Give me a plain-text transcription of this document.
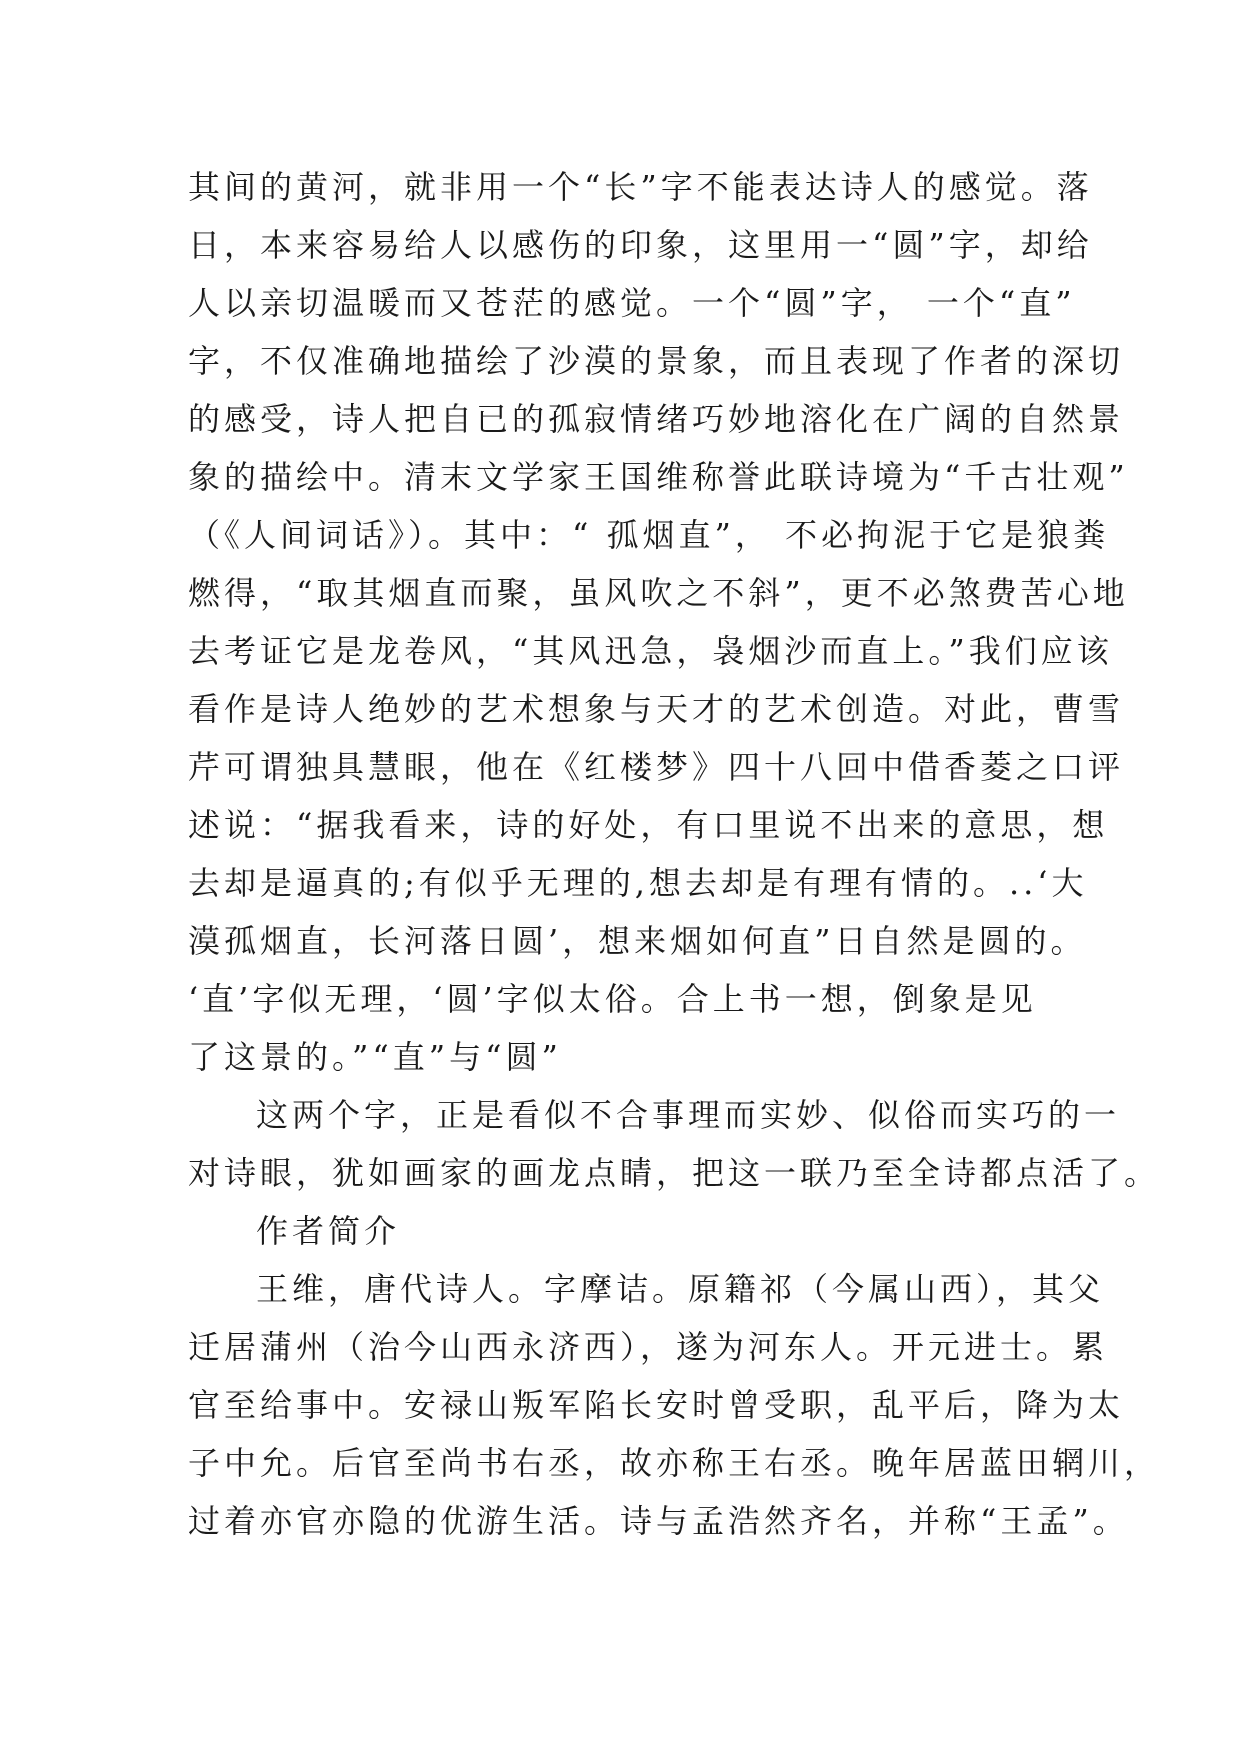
其间的黄河，就非用一个“长”字不能表达诗人的感觉。落
日，本来容易给人以感伤的印象，这里用一“圆”字，却给
人以亲切温暖而又苍茫的感觉。一个“圆”字， 一个“直”
字，不仅准确地描绘了沙漠的景象，而且表现了作者的深切
的感受，诗人把自已的孤寂情绪巧妙地溶化在广阔的自然景
象的描绘中。清末文学家王国维称誉此联诗境为“千古壮观”
（《人间词话》）。其中：“ 孤烟直”， 不必拘泥于它是狼粪
燃得，“取其烟直而聚，虽风吹之不斜”，更不必煞费苦心地
去考证它是龙卷风，“其风迅急，袅烟沙而直上。”我们应该
看作是诗人绝妙的艺术想象与天才的艺术创造。对此，曹雪
芹可谓独具慧眼，他在《红楼梦》四十八回中借香菱之口评
述说：“据我看来，诗的好处，有口里说不出来的意思，想
去却是逼真的;有似乎无理的,想去却是有理有情的。..‘大
漠孤烟直，长河落日圆’，想来烟如何直”日自然是圆的。
‘直’字似无理，‘圆’字似太俗。合上书一想，倒象是见
了这景的。”“直”与“圆”
这两个字，正是看似不合事理而实妙、似俗而实巧的一
对诗眼，犹如画家的画龙点睛，把这一联乃至全诗都点活了。
作者简介
王维，唐代诗人。字摩诘。原籍祁（今属山西），其父
迁居蒲州（治今山西永济西），遂为河东人。开元进士。累
官至给事中。安禄山叛军陷长安时曾受职，乱平后，降为太
子中允。后官至尚书右丞，故亦称王右丞。晚年居蓝田辋川，
过着亦官亦隐的优游生活。诗与孟浩然齐名，并称“王孟”。
